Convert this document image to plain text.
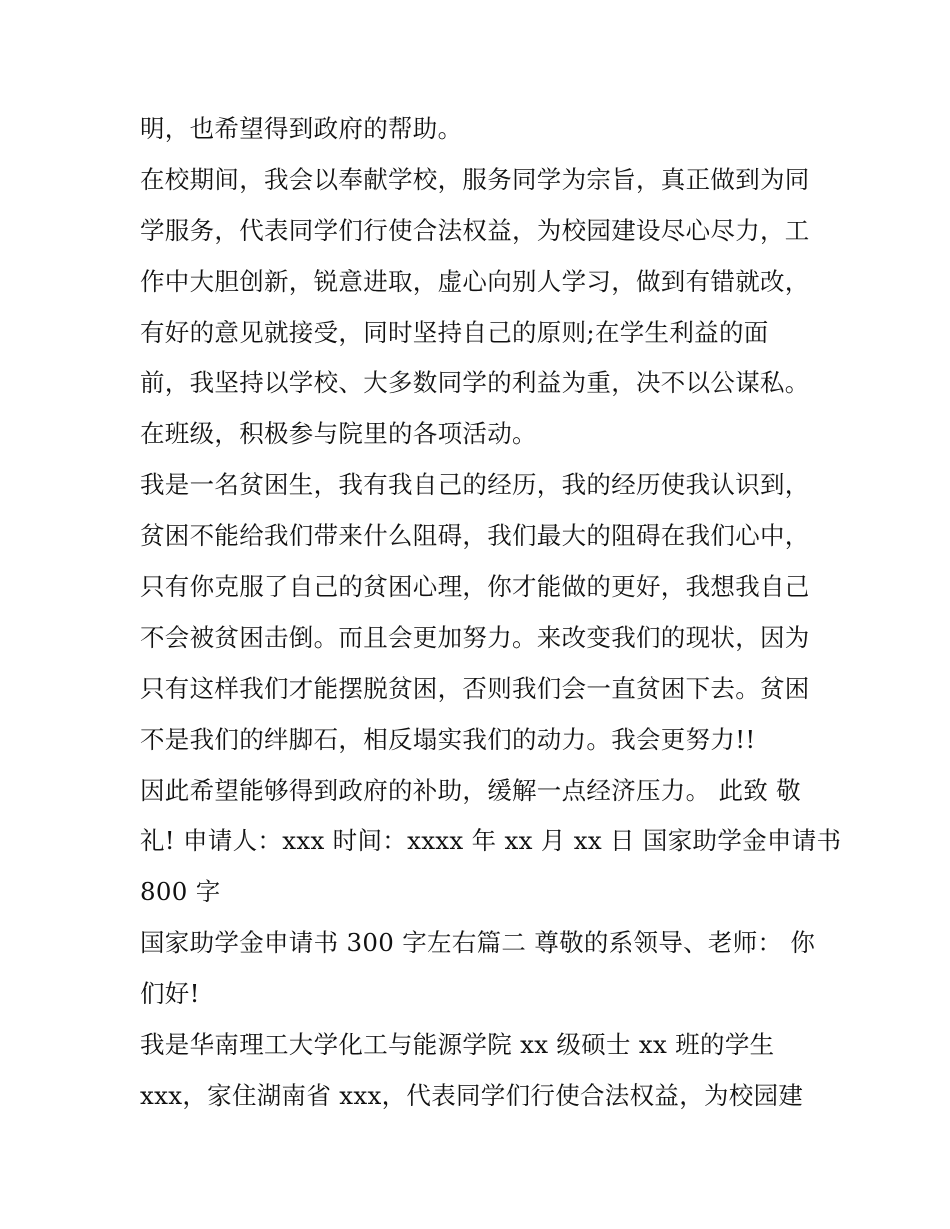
明，也希望得到政府的帮助。
在校期间，我会以奉献学校，服务同学为宗旨，真正做到为同
学服务，代表同学们行使合法权益，为校园建设尽心尽力，工
作中大胆创新，锐意进取，虚心向别人学习，做到有错就改，
有好的意见就接受，同时坚持自己的原则;在学生利益的面
前，我坚持以学校、大多数同学的利益为重，决不以公谋私。
在班级，积极参与院里的各项活动。
我是一名贫困生，我有我自己的经历，我的经历使我认识到，
贫困不能给我们带来什么阻碍，我们最大的阻碍在我们心中，
只有你克服了自己的贫困心理，你才能做的更好，我想我自己
不会被贫困击倒。而且会更加努力。来改变我们的现状，因为
只有这样我们才能摆脱贫困，否则我们会一直贫困下去。贫困
不是我们的绊脚石，相反塌实我们的动力。我会更努力!!
因此希望能够得到政府的补助，缓解一点经济压力。 此致 敬
礼! 申请人：xxx 时间：xxxx 年 xx 月 xx 日 国家助学金申请书
800 字
国家助学金申请书 300 字左右篇二 尊敬的系领导、老师： 你
们好!
我是华南理工大学化工与能源学院 xx 级硕士 xx 班的学生
xxx，家住湖南省 xxx，代表同学们行使合法权益，为校园建
